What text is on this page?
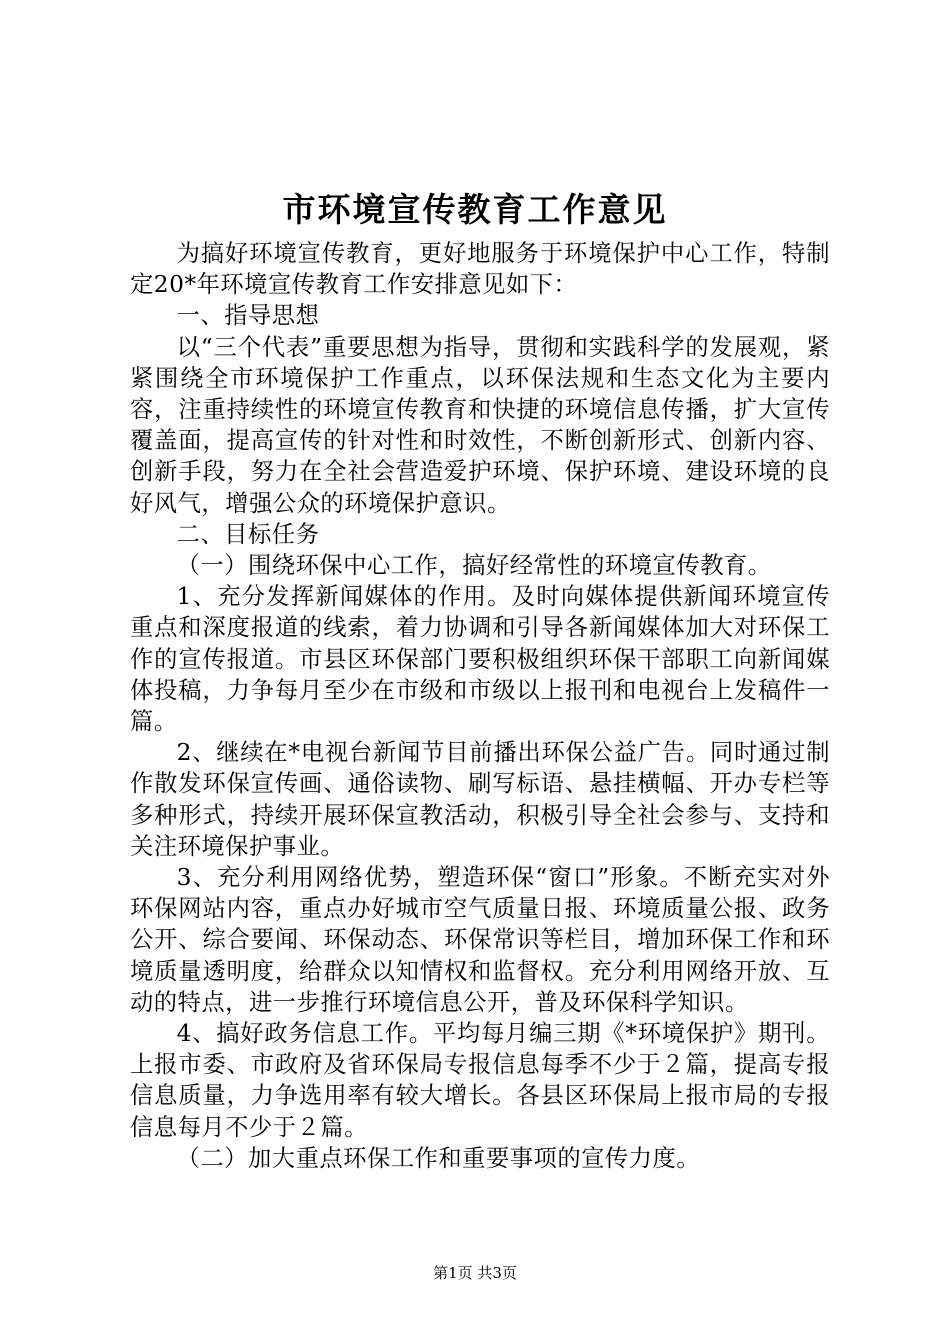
市环境宣传教育工作意见

为搞好环境宣传教育，更好地服务于环境保护中心工作，特制定20*年环境宣传教育工作安排意见如下：

一、指导思想

以“三个代表”重要思想为指导，贯彻和实践科学的发展观，紧紧围绕全市环境保护工作重点，以环保法规和生态文化为主要内容，注重持续性的环境宣传教育和快捷的环境信息传播，扩大宣传覆盖面，提高宣传的针对性和时效性，不断创新形式、创新内容、创新手段，努力在全社会营造爱护环境、保护环境、建设环境的良好风气，增强公众的环境保护意识。

二、目标任务

（一）围绕环保中心工作，搞好经常性的环境宣传教育。

1、充分发挥新闻媒体的作用。及时向媒体提供新闻环境宣传重点和深度报道的线索，着力协调和引导各新闻媒体加大对环保工作的宣传报道。市县区环保部门要积极组织环保干部职工向新闻媒体投稿，力争每月至少在市级和市级以上报刊和电视台上发稿件一篇。

2、继续在*电视台新闻节目前播出环保公益广告。同时通过制作散发环保宣传画、通俗读物、刷写标语、悬挂横幅、开办专栏等多种形式，持续开展环保宣教活动，积极引导全社会参与、支持和关注环境保护事业。

3、充分利用网络优势，塑造环保“窗口”形象。不断充实对外环保网站内容，重点办好城市空气质量日报、环境质量公报、政务公开、综合要闻、环保动态、环保常识等栏目，增加环保工作和环境质量透明度，给群众以知情权和监督权。充分利用网络开放、互动的特点，进一步推行环境信息公开，普及环保科学知识。

4、搞好政务信息工作。平均每月编三期《*环境保护》期刊。上报市委、市政府及省环保局专报信息每季不少于２篇，提高专报信息质量，力争选用率有较大增长。各县区环保局上报市局的专报信息每月不少于２篇。

（二）加大重点环保工作和重要事项的宣传力度。

第1页 共3页
